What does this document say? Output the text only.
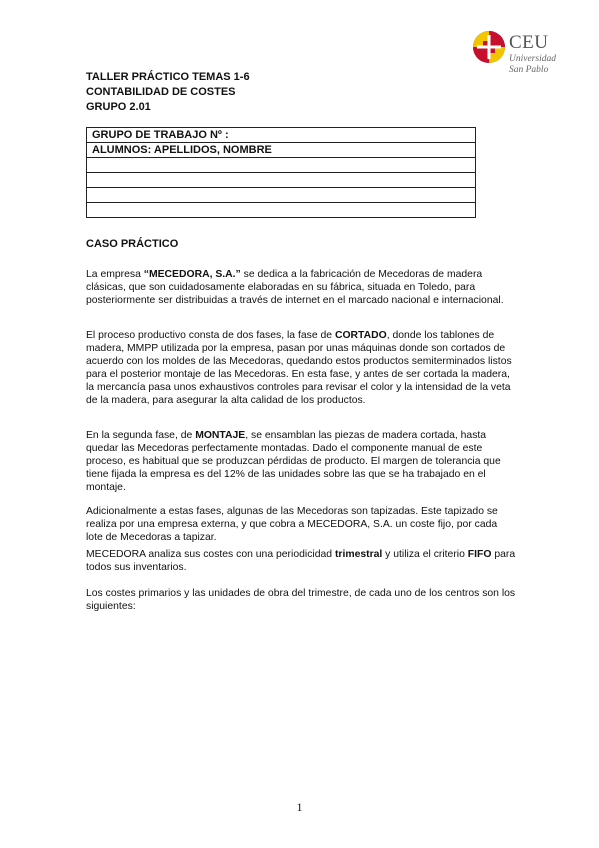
CEU
Universidad
San Pablo
TALLER PRÁCTICO TEMAS 1-6
CONTABILIDAD DE COSTES
GRUPO 2.01
GRUPO DE TRABAJO Nº :
ALUMNOS: APELLIDOS, NOMBRE

CASO PRÁCTICO

La empresa “MECEDORA, S.A.” se dedica a la fabricación de Mecedoras de madera clásicas, que son cuidadosamente elaboradas en su fábrica, situada en Toledo, para posteriormente ser distribuidas a través de internet en el marcado nacional e internacional.

El proceso productivo consta de dos fases, la fase de CORTADO, donde los tablones de madera, MMPP utilizada por la empresa, pasan por unas máquinas donde son cortados de acuerdo con los moldes de las Mecedoras, quedando estos productos semiterminados listos para el posterior montaje de las Mecedoras. En esta fase, y antes de ser cortada la madera, la mercancía pasa unos exhaustivos controles para revisar el color y la intensidad de la veta de la madera, para asegurar la alta calidad de los productos.

En la segunda fase, de MONTAJE, se ensamblan las piezas de madera cortada, hasta quedar las Mecedoras perfectamente montadas. Dado el componente manual de este proceso, es habitual que se produzcan pérdidas de producto. El margen de tolerancia que tiene fijada la empresa es del 12% de las unidades sobre las que se ha trabajado en el montaje.

Adicionalmente a estas fases, algunas de las Mecedoras son tapizadas. Este tapizado se realiza por una empresa externa, y que cobra a MECEDORA, S.A. un coste fijo, por cada lote de Mecedoras a tapizar.

MECEDORA analiza sus costes con una periodicidad trimestral y utiliza el criterio FIFO para todos sus inventarios.

Los costes primarios y las unidades de obra del trimestre, de cada uno de los centros son los siguientes:

1
